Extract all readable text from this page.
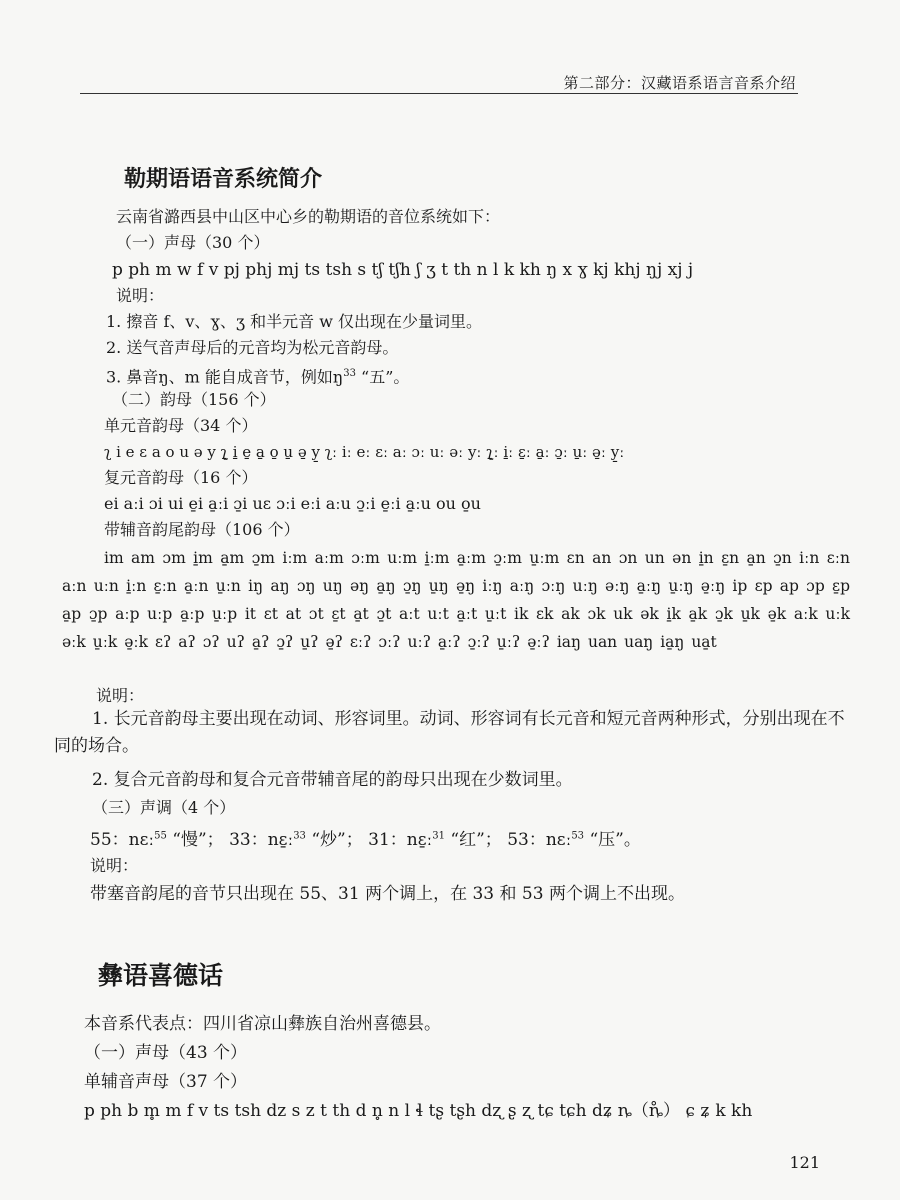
第二部分：汉藏语系语言音系介绍
勒期语语音系统简介
云南省潞西县中山区中心乡的勒期语的音位系统如下：
（一）声母（30 个）
p ph m w f v pj phj mj ts tsh s tʃ tʃh ʃ ʒ t th n l k kh ŋ x ɣ kj khj ŋj xj j
说明：
1. 擦音 f、v、ɣ、ʒ 和半元音 w 仅出现在少量词里。
2. 送气音声母后的元音均为松元音韵母。
3. 鼻音ŋ、m 能自成音节，例如$ŋ^{33}$ “五”。
（二）韵母（156 个）
单元音韵母（34 个）
ʅ i e ɛ a o u ə y ʅ̱ i̱ e̱ a̱ o̱ u̱ ə̱ y̱ ʅː iː eː ɛː aː ɔː uː əː yː ʅ̱ː i̱ː ɛ̱ː a̱ː ɔ̱ː u̱ː ə̱ː y̱ː
复元音韵母（16 个）
ei aːi ɔi ui e̱i a̱ːi ɔ̱i uɛ ɔːi eːi aːu ɔ̱ːi e̱ːi a̱ːu ou o̱u
带辅音韵尾韵母（106 个）
im am ɔm i̱m a̱m ɔ̱m iːm aːm ɔːm uːm i̱ːm a̱ːm ɔ̱ːm u̱ːm ɛn an ɔn un ən i̱n ɛ̱n a̱n ɔ̱n iːn ɛːn aːn uːn i̱ːn ɛ̱ːn a̱ːn u̱ːn iŋ aŋ ɔŋ uŋ əŋ a̱ŋ ɔ̱ŋ u̱ŋ ə̱ŋ iːŋ aːŋ ɔːŋ uːŋ əːŋ a̱ːŋ u̱ːŋ ə̱ːŋ ip ɛp ap ɔp ɛ̱p a̱p ɔ̱p aːp uːp a̱ːp u̱ːp it ɛt at ɔt ɛ̱t a̱t ɔ̱t aːt uːt a̱ːt u̱ːt ik ɛk ak ɔk uk ək i̱k a̱k ɔ̱k u̱k ə̱k aːk uːk əːk u̱ːk ə̱ːk ɛʔ aʔ ɔʔ uʔ a̱ʔ ɔ̱ʔ u̱ʔ ə̱ʔ ɛːʔ ɔːʔ uːʔ a̱ːʔ ɔ̱ːʔ u̱ːʔ ə̱ːʔ iaŋ uan uaŋ ia̱ŋ ua̱t
说明：
1. 长元音韵母主要出现在动词、形容词里。动词、形容词有长元音和短元音两种形式，分别出现在不同的场合。
2. 复合元音韵母和复合元音带辅音尾的韵母只出现在少数词里。
（三）声调（4 个）
55：nɛː$^{55}$ “慢”； 33：nɛ̱ː$^{33}$ “炒”； 31：nɛ̱ː$^{31}$ “红”； 53：nɛː$^{53}$ “压”。
说明：
带塞音韵尾的音节只出现在 55、31 两个调上，在 33 和 53 两个调上不出现。
彝语喜德话
本音系代表点：四川省凉山彝族自治州喜德县。
（一）声母（43 个）
单辅音声母（37 个）
p ph b m̥ m f v ts tsh dz s z t th d n̥ n l ɬ tʂ tʂh dʐ ʂ ʐ tɕ tɕh dʑ ȵ（ȵ̊） ɕ ʑ k kh
121
